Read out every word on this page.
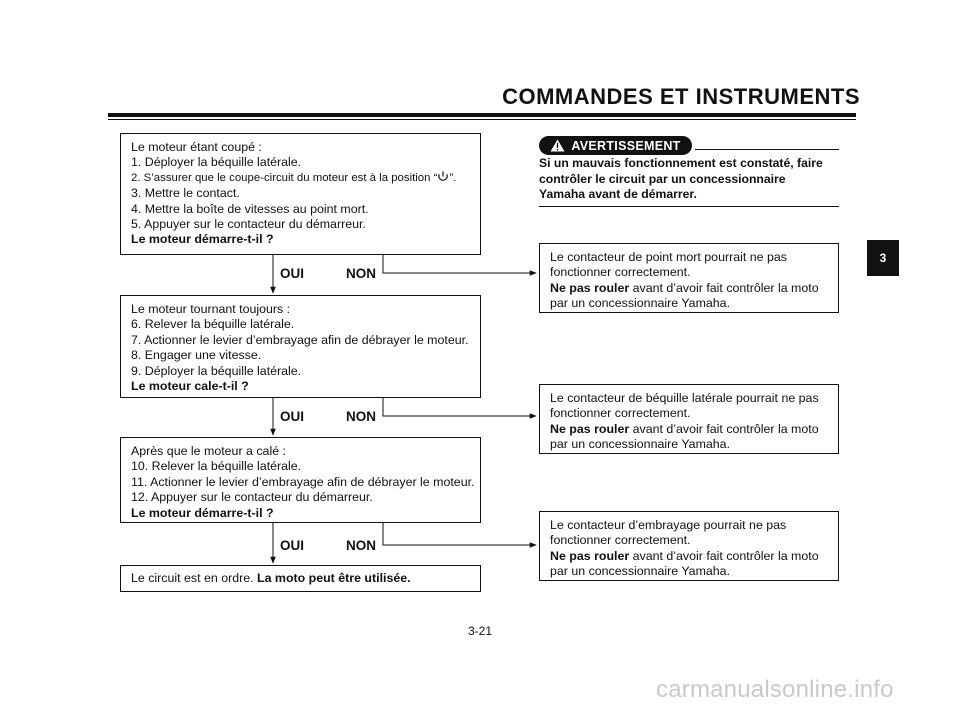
COMMANDES ET INSTRUMENTS
Le moteur étant coupé :
1. Déployer la béquille latérale.
2. S’assurer que le coupe-circuit du moteur est à la position “ ”.
3. Mettre le contact.
4. Mettre la boîte de vitesses au point mort.
5. Appuyer sur le contacteur du démarreur.
Le moteur démarre-t-il ?
OUI	NON
Le moteur tournant toujours :
6. Relever la béquille latérale.
7. Actionner le levier d’embrayage afin de débrayer le moteur.
8. Engager une vitesse.
9. Déployer la béquille latérale.
Le moteur cale-t-il ?
OUI	NON
Après que le moteur a calé :
10. Relever la béquille latérale.
11. Actionner le levier d’embrayage afin de débrayer le moteur.
12. Appuyer sur le contacteur du démarreur.
Le moteur démarre-t-il ?
OUI	NON
Le circuit est en ordre. La moto peut être utilisée.
AVERTISSEMENT
Si un mauvais fonctionnement est constaté, faire
contrôler le circuit par un concessionnaire
Yamaha avant de démarrer.
Le contacteur de point mort pourrait ne pas
fonctionner correctement.
Ne pas rouler avant d’avoir fait contrôler la moto
par un concessionnaire Yamaha.
Le contacteur de béquille latérale pourrait ne pas
fonctionner correctement.
Ne pas rouler avant d’avoir fait contrôler la moto
par un concessionnaire Yamaha.
Le contacteur d’embrayage pourrait ne pas
fonctionner correctement.
Ne pas rouler avant d’avoir fait contrôler la moto
par un concessionnaire Yamaha.
3
3-21
carmanualsonline.info
